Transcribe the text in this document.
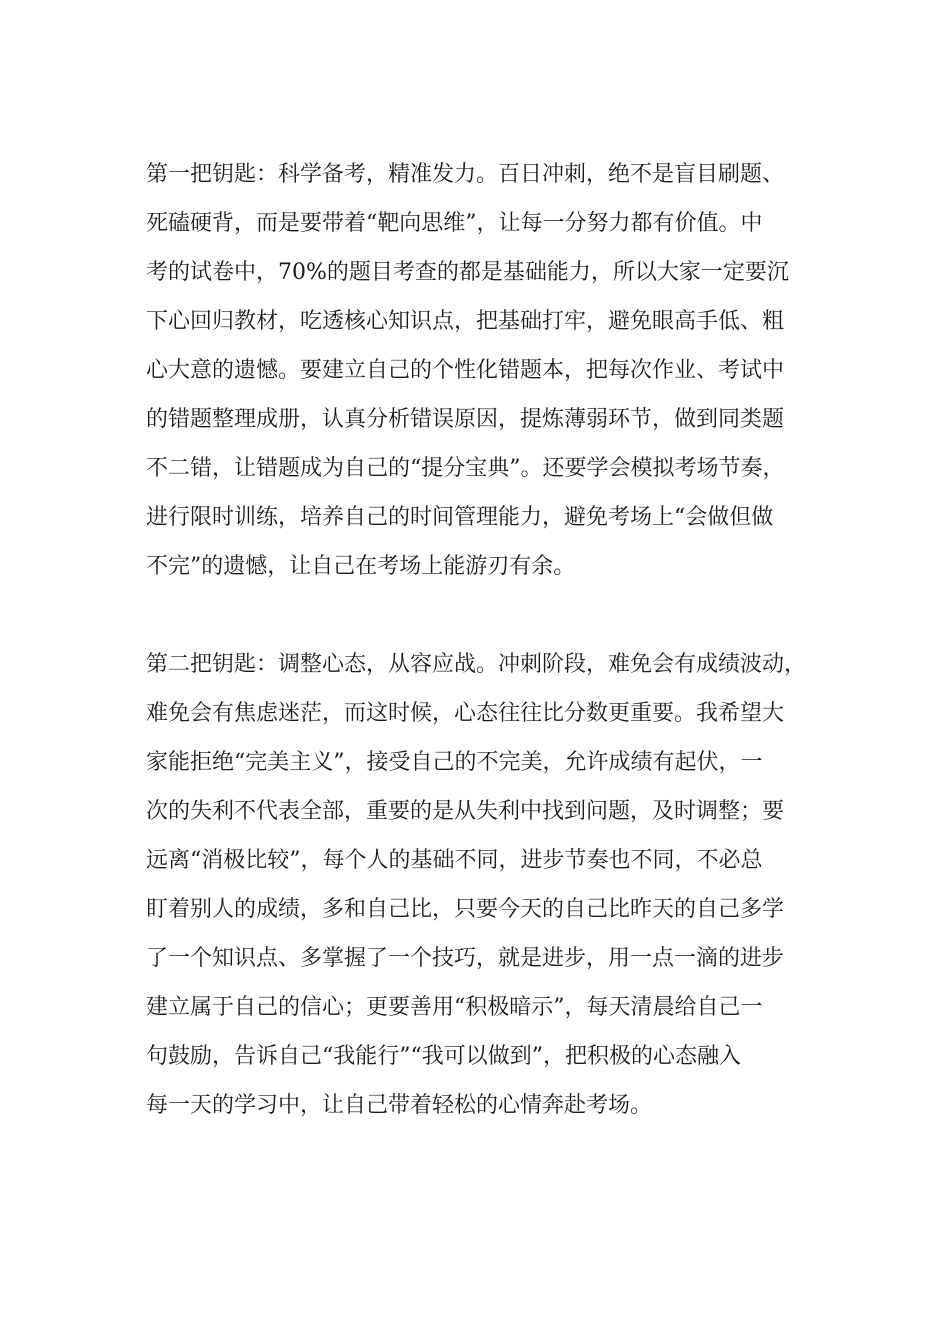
第一把钥匙：科学备考，精准发力。百日冲刺，绝不是盲目刷题、
死磕硬背，而是要带着“靶向思维”，让每一分努力都有价值。中
考的试卷中，70%的题目考查的都是基础能力，所以大家一定要沉
下心回归教材，吃透核心知识点，把基础打牢，避免眼高手低、粗
心大意的遗憾。要建立自己的个性化错题本，把每次作业、考试中
的错题整理成册，认真分析错误原因，提炼薄弱环节，做到同类题
不二错，让错题成为自己的“提分宝典”。还要学会模拟考场节奏，
进行限时训练，培养自己的时间管理能力，避免考场上“会做但做
不完”的遗憾，让自己在考场上能游刃有余。
第二把钥匙：调整心态，从容应战。冲刺阶段，难免会有成绩波动，
难免会有焦虑迷茫，而这时候，心态往往比分数更重要。我希望大
家能拒绝“完美主义”，接受自己的不完美，允许成绩有起伏，一
次的失利不代表全部，重要的是从失利中找到问题，及时调整；要
远离“消极比较”，每个人的基础不同，进步节奏也不同，不必总
盯着别人的成绩，多和自己比，只要今天的自己比昨天的自己多学
了一个知识点、多掌握了一个技巧，就是进步，用一点一滴的进步
建立属于自己的信心；更要善用“积极暗示”，每天清晨给自己一
句鼓励，告诉自己“我能行”“我可以做到”，把积极的心态融入
每一天的学习中，让自己带着轻松的心情奔赴考场。
